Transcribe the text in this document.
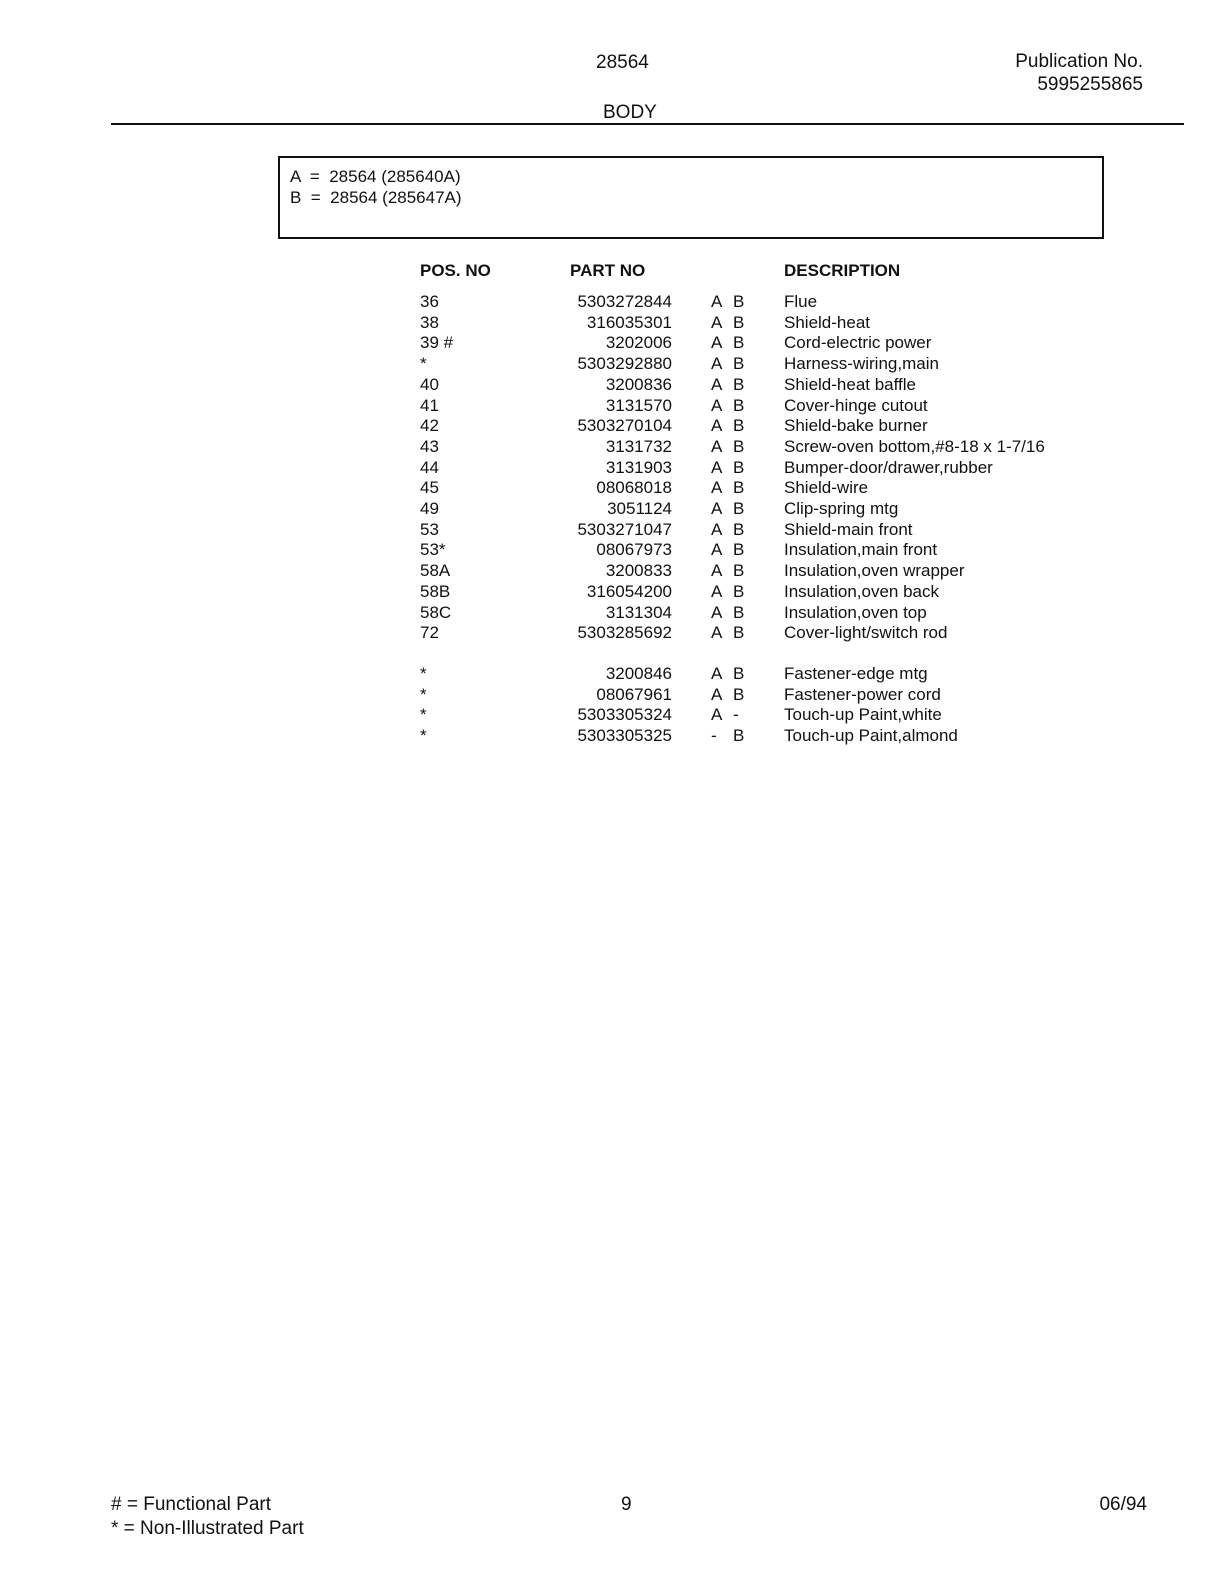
28564
BODY
Publication No.
5995255865
A  =  28564 (285640A)
B  =  28564 (285647A)
POS. NO	PART NO	DESCRIPTION
36	5303272844 A B Flue
38	316035301 A B Shield-heat
39 #	3202006 A B Cord-electric power
*	5303292880 A B Harness-wiring,main
40	3200836 A B Shield-heat baffle
41	3131570 A B Cover-hinge cutout
42	5303270104 A B Shield-bake burner
43	3131732 A B Screw-oven bottom,#8-18 x 1-7/16
44	3131903 A B Bumper-door/drawer,rubber
45	08068018 A B Shield-wire
49	3051124 A B Clip-spring mtg
53	5303271047 A B Shield-main front
53*	08067973 A B Insulation,main front
58A	3200833 A B Insulation,oven wrapper
58B	316054200 A B Insulation,oven back
58C	3131304 A B Insulation,oven top
72	5303285692 A B Cover-light/switch rod
*	3200846 A B Fastener-edge mtg
*	08067961 A B Fastener-power cord
*	5303305324 A -	Touch-up Paint,white
*	5303305325 - B Touch-up Paint,almond
# = Functional Part
* = Non-Illustrated Part
9	06/94
